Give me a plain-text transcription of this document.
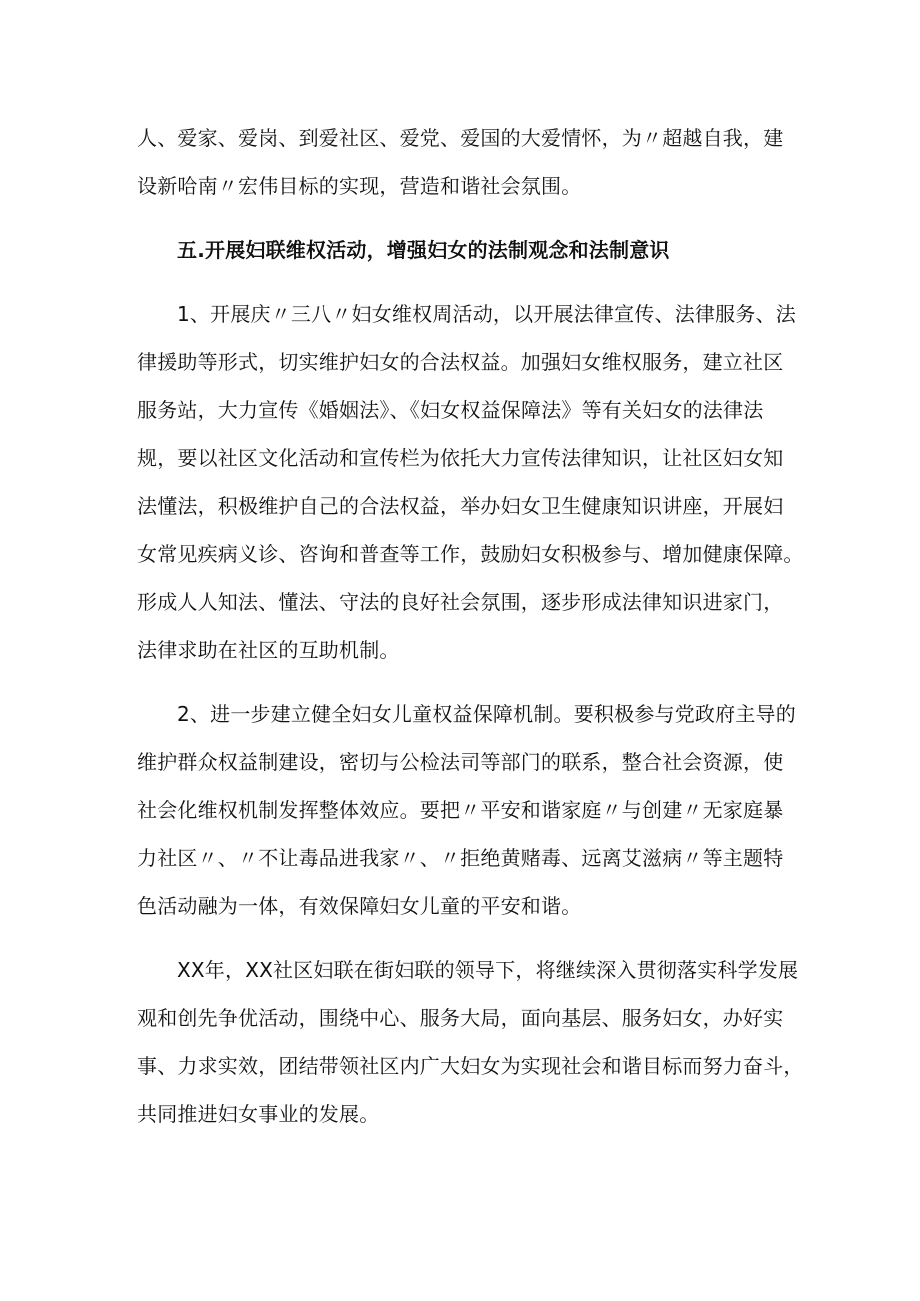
人、爱家、爱岗、到爱社区、爱党、爱国的大爱情怀，为〃超越自我，建
设新哈南〃宏伟目标的实现，营造和谐社会氛围。
五.开展妇联维权活动，增强妇女的法制观念和法制意识
1、开展庆〃三八〃妇女维权周活动，以开展法律宣传、法律服务、法
律援助等形式，切实维护妇女的合法权益。加强妇女维权服务，建立社区
服务站，大力宣传《婚姻法》、《妇女权益保障法》等有关妇女的法律法
规，要以社区文化活动和宣传栏为依托大力宣传法律知识，让社区妇女知
法懂法，积极维护自己的合法权益，举办妇女卫生健康知识讲座，开展妇
女常见疾病义诊、咨询和普查等工作，鼓励妇女积极参与、增加健康保障。
形成人人知法、懂法、守法的良好社会氛围，逐步形成法律知识进家门，
法律求助在社区的互助机制。
2、进一步建立健全妇女儿童权益保障机制。要积极参与党政府主导的
维护群众权益制建设，密切与公检法司等部门的联系，整合社会资源，使
社会化维权机制发挥整体效应。要把〃平安和谐家庭〃与创建〃无家庭暴
力社区〃、〃不让毒品进我家〃、〃拒绝黄赌毒、远离艾滋病〃等主题特
色活动融为一体，有效保障妇女儿童的平安和谐。
XX年，XX社区妇联在街妇联的领导下，将继续深入贯彻落实科学发展
观和创先争优活动，围绕中心、服务大局，面向基层、服务妇女，办好实
事、力求实效，团结带领社区内广大妇女为实现社会和谐目标而努力奋斗，
共同推进妇女事业的发展。
